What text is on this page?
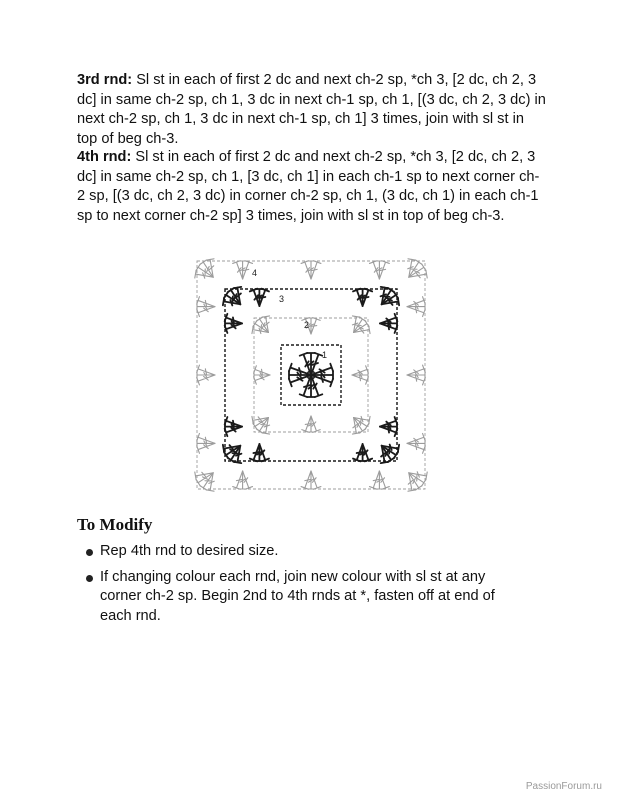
3rd rnd: Sl st in each of first 2 dc and next ch-2 sp, *ch 3, [2 dc, ch 2, 3 dc] in same ch-2 sp, ch 1, 3 dc in next ch-1 sp, ch 1, [(3 dc, ch 2, 3 dc) in next ch-2 sp, ch 1, 3 dc in next ch-1 sp, ch 1] 3 times, join with sl st in top of beg ch-3.

4th rnd: Sl st in each of first 2 dc and next ch-2 sp, *ch 3, [2 dc, ch 2, 3 dc] in same ch-2 sp, ch 1, [3 dc, ch 1] in each ch-1 sp to next corner ch-2 sp, [(3 dc, ch 2, 3 dc) in corner ch-2 sp, ch 1, (3 dc, ch 1) in each ch-1 sp to next corner ch-2 sp] 3 times, join with sl st in top of beg ch-3.

4
3
2
1
To Modify
Rep 4th rnd to desired size.
If changing colour each rnd, join new colour with sl st at any corner ch-2 sp. Begin 2nd to 4th rnds at *, fasten off at end of each rnd.
PassionForum.ru
